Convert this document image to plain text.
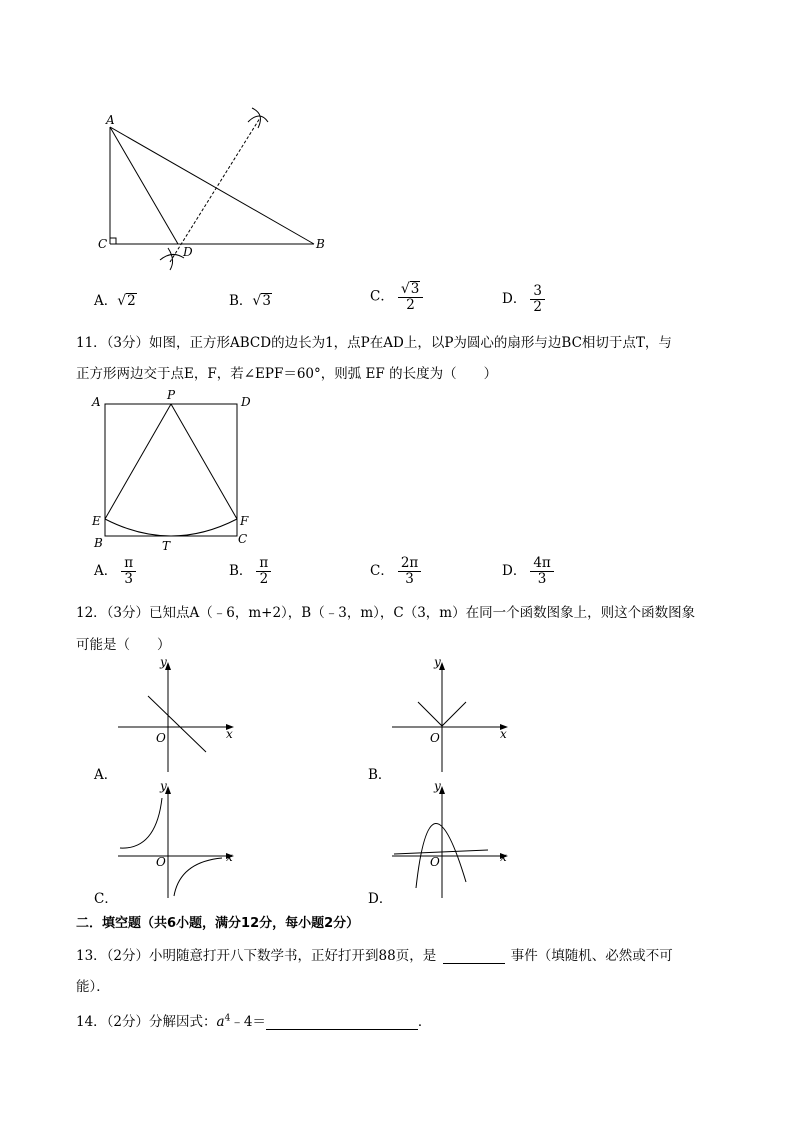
A
C
D
B
A．√2	B．√3	C． $\frac{√3}{2}$	D． $\frac{3}{2}$
11．（3分）如图，正方形ABCD的边长为1，点P在AD上，以P为圆心的扇形与边BC相切于点T，与
正方形两边交于点E，F，若∠EPF＝60°，则弧 EF 的长度为（　　）
A	P	D
E	F
B	T	C
A． $\frac{\pi}{3}$	B． $\frac{\pi}{2}$	C． $\frac{2\pi}{3}$	D． $\frac{4\pi}{3}$
12．（3分）已知点A（﹣6，m+2），B（﹣3，m），C（3，m）在同一个函数图象上，则这个函数图象
可能是（　　）
y
x
O
A．
y
x
O
B．
y
x
O
C．
y
x
O
D．
二．填空题（共6小题，满分12分，每小题2分）
13．（2分）小明随意打开八下数学书，正好打开到88页，是	事件（填随机、必然或不可
能）．
14．（2分）分解因式：$a^4﹣4=$	．
